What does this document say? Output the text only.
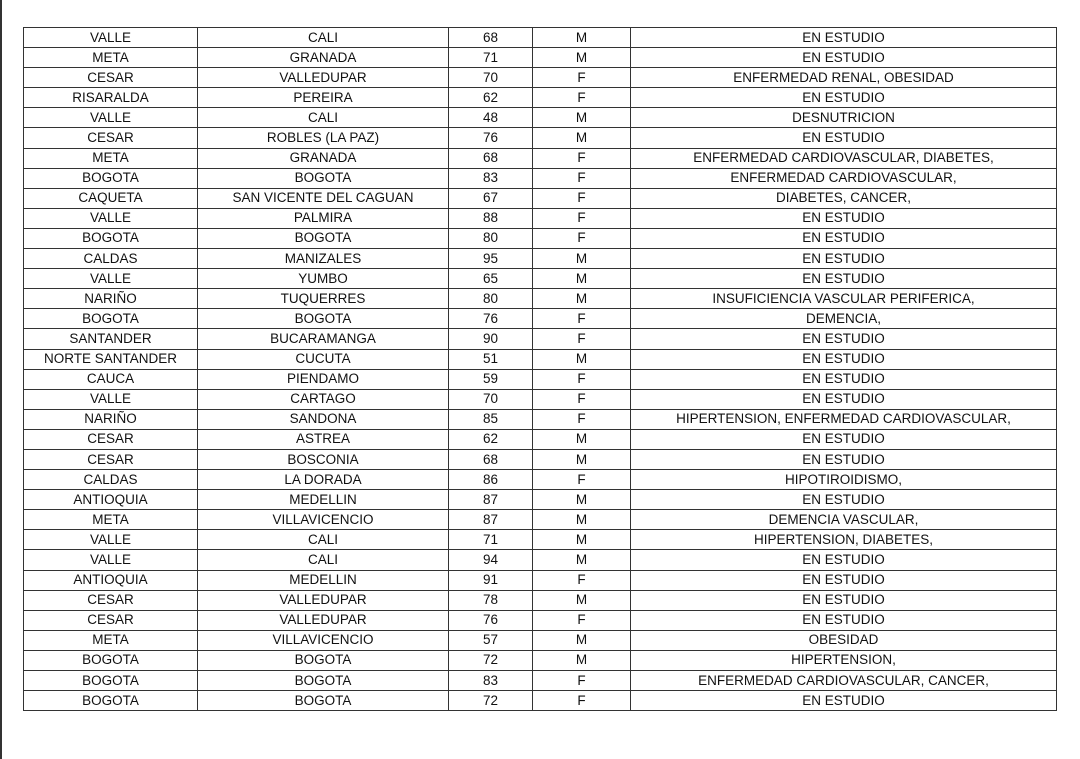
VALLE	CALI	68	M	EN ESTUDIO
META	GRANADA	71	M	EN ESTUDIO
CESAR	VALLEDUPAR	70	F	ENFERMEDAD RENAL, OBESIDAD
RISARALDA	PEREIRA	62	F	EN ESTUDIO
VALLE	CALI	48	M	DESNUTRICION
CESAR	ROBLES (LA PAZ)	76	M	EN ESTUDIO
META	GRANADA	68	F	ENFERMEDAD CARDIOVASCULAR, DIABETES,
BOGOTA	BOGOTA	83	F	ENFERMEDAD CARDIOVASCULAR,
CAQUETA	SAN VICENTE DEL CAGUAN	67	F	DIABETES, CANCER,
VALLE	PALMIRA	88	F	EN ESTUDIO
BOGOTA	BOGOTA	80	F	EN ESTUDIO
CALDAS	MANIZALES	95	M	EN ESTUDIO
VALLE	YUMBO	65	M	EN ESTUDIO
NARIÑO	TUQUERRES	80	M	INSUFICIENCIA VASCULAR PERIFERICA,
BOGOTA	BOGOTA	76	F	DEMENCIA,
SANTANDER	BUCARAMANGA	90	F	EN ESTUDIO
NORTE SANTANDER	CUCUTA	51	M	EN ESTUDIO
CAUCA	PIENDAMO	59	F	EN ESTUDIO
VALLE	CARTAGO	70	F	EN ESTUDIO
NARIÑO	SANDONA	85	F	HIPERTENSION, ENFERMEDAD CARDIOVASCULAR,
CESAR	ASTREA	62	M	EN ESTUDIO
CESAR	BOSCONIA	68	M	EN ESTUDIO
CALDAS	LA DORADA	86	F	HIPOTIROIDISMO,
ANTIOQUIA	MEDELLIN	87	M	EN ESTUDIO
META	VILLAVICENCIO	87	M	DEMENCIA VASCULAR,
VALLE	CALI	71	M	HIPERTENSION, DIABETES,
VALLE	CALI	94	M	EN ESTUDIO
ANTIOQUIA	MEDELLIN	91	F	EN ESTUDIO
CESAR	VALLEDUPAR	78	M	EN ESTUDIO
CESAR	VALLEDUPAR	76	F	EN ESTUDIO
META	VILLAVICENCIO	57	M	OBESIDAD
BOGOTA	BOGOTA	72	M	HIPERTENSION,
BOGOTA	BOGOTA	83	F	ENFERMEDAD CARDIOVASCULAR, CANCER,
BOGOTA	BOGOTA	72	F	EN ESTUDIO
